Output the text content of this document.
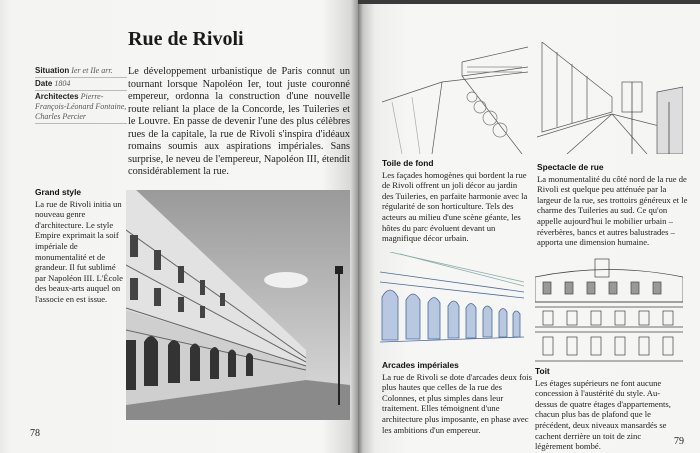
Rue de Rivoli
Situation Ier et IIe arr.
Date 1804
Architectes Pierre-François-Léonard Fontaine, Charles Percier

Le développement urbanistique de Paris connut un tournant lorsque Napoléon Ier, tout juste couronné empereur, ordonna la construction d'une nouvelle route reliant la place de la Concorde, les Tuileries et le Louvre. En passe de devenir l'une des plus célèbres rues de la capitale, la rue de Rivoli s'inspira d'idéaux romains soumis aux aspirations impériales. Sans surprise, le neveu de l'empereur, Napoléon III, étendit considérablement la rue.

Grand style
La rue de Rivoli initia un nouveau genre d'architecture. Le style Empire exprimait la soif impériale de monumentalité et de grandeur. Il fut sublimé par Napoléon III. L'École des beaux-arts auquel on l'associe en est issue.
78
Toile de fond
Les façades homogènes qui bordent la rue de Rivoli offrent un joli décor au jardin des Tuileries, en parfaite harmonie avec la régularité de son horticulture. Tels des acteurs au milieu d'une scène géante, les hôtes du parc évoluent devant un magnifique décor urbain.
Spectacle de rue
La monumentalité du côté nord de la rue de Rivoli est quelque peu atténuée par la largeur de la rue, ses trottoirs généreux et le charme des Tuileries au sud. Ce qu'on appelle aujourd'hui le mobilier urbain – réverbères, bancs et autres balustrades – apporta une dimension humaine.
Arcades impériales
La rue de Rivoli se dote d'arcades deux fois plus hautes que celles de la rue des Colonnes, et plus simples dans leur traitement. Elles témoignent d'une architecture plus imposante, en phase avec les ambitions d'un empereur.
Toit
Les étages supérieurs ne font aucune concession à l'austérité du style. Au-dessus de quatre étages d'appartements, chacun plus bas de plafond que le précédent, deux niveaux mansardés se cachent derrière un toit de zinc légèrement bombé.	79
